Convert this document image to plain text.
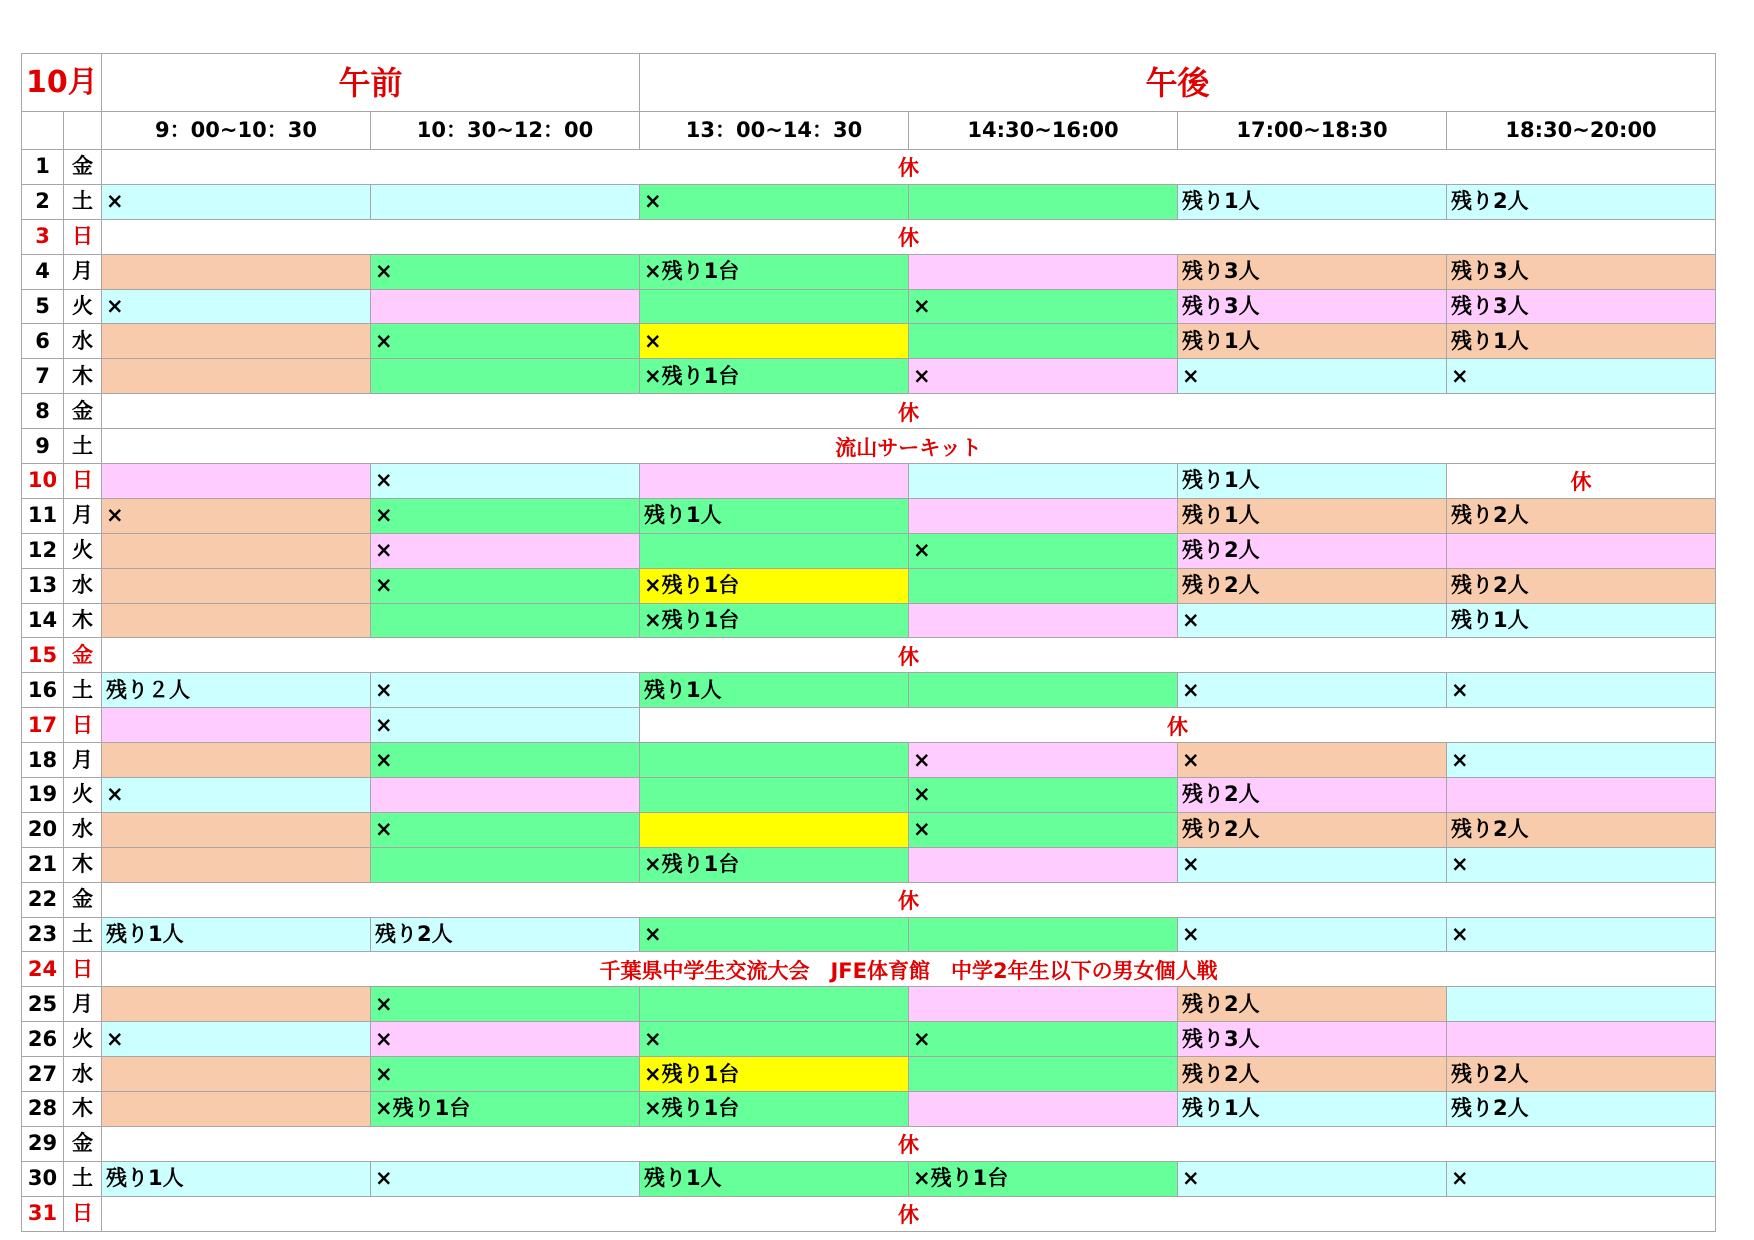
10月		午前		午後			
		9：00~10：30	10：30~12：00	13：00~14：30	14:30~16:00	17:00~18:30	18:30~20:00
1	金	休					
2	土	×		×		残り1人	残り2人
3	日	休					
4	月		×	×残り1台		残り3人	残り3人
5	火	×			×	残り3人	残り3人
6	水		×	×		残り1人	残り1人
7	木			×残り1台	×	×	×
8	金	休					
9	土	流山サーキット					
10	日		×			残り1人	休
11	月	×	×	残り1人		残り1人	残り2人
12	火		×		×	残り2人	
13	水		×	×残り1台		残り2人	残り2人
14	木			×残り1台		×	残り1人
15	金	休					
16	土	残り２人	×	残り1人		×	×
17	日		×	休			
18	月		×		×	×	×
19	火	×			×	残り2人	
20	水		×		×	残り2人	残り2人
21	木			×残り1台		×	×
22	金	休					
23	土	残り1人	残り2人	×		×	×
24	日	千葉県中学生交流大会　JFE体育館　中学2年生以下の男女個人戦					
25	月		×			残り2人	
26	火	×	×	×	×	残り3人	
27	水		×	×残り1台		残り2人	残り2人
28	木		×残り1台	×残り1台		残り1人	残り2人
29	金	休					
30	土	残り1人	×	残り1人	×残り1台	×	×
31	日	休					
